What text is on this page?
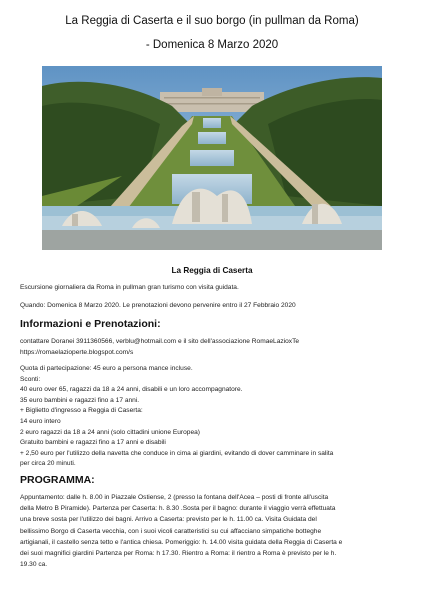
La Reggia di Caserta e il suo borgo (in pullman da Roma)

- Domenica 8 Marzo 2020

La Reggia di Caserta

Escursione giornaliera da Roma in pullman gran turismo con visita guidata.

Quando: Domenica 8 Marzo 2020. Le prenotazioni devono pervenire entro il 27 Febbraio 2020

Informazioni e Prenotazioni:

contattare Doranei 3911360566, verblu@hotmail.com e il sito dell'associazione RomaeLazioxTe
https://romaelazioperte.blogspot.com/s
Quota di partecipazione: 45 euro a persona mance incluse.
Sconti:
40 euro over 65, ragazzi da 18 a 24 anni, disabili e un loro accompagnatore.
35 euro bambini e ragazzi fino a 17 anni.
+ Biglietto d'ingresso a Reggia di Caserta:
14 euro intero
2 euro ragazzi da 18 a 24 anni (solo cittadini unione Europea)
Gratuito bambini e ragazzi fino a 17 anni e disabili
+ 2,50 euro per l'utilizzo della navetta che conduce in cima ai giardini, evitando di dover camminare in salita
per circa 20 minuti.

PROGRAMMA:

Appuntamento: dalle h. 8.00 in Piazzale Ostiense, 2 (presso la fontana dell'Acea – posti di fronte all'uscita
della Metro B Piramide). Partenza per Caserta: h. 8.30 .Sosta per il bagno: durante il viaggio verrà effettuata
una breve sosta per l'utilizzo dei bagni. Arrivo a Caserta: previsto per le h. 11.00 ca. Visita Guidata del
bellissimo Borgo di Caserta vecchia, con i suoi vicoli caratteristici su cui affacciano simpatiche botteghe
artigianali, il castello senza tetto e l'antica chiesa. Pomeriggio: h. 14.00 visita guidata della Reggia di Caserta e
dei suoi magnifici giardini Partenza per Roma: h 17.30. Rientro a Roma: il rientro a Roma è previsto per le h.
19.30 ca.
